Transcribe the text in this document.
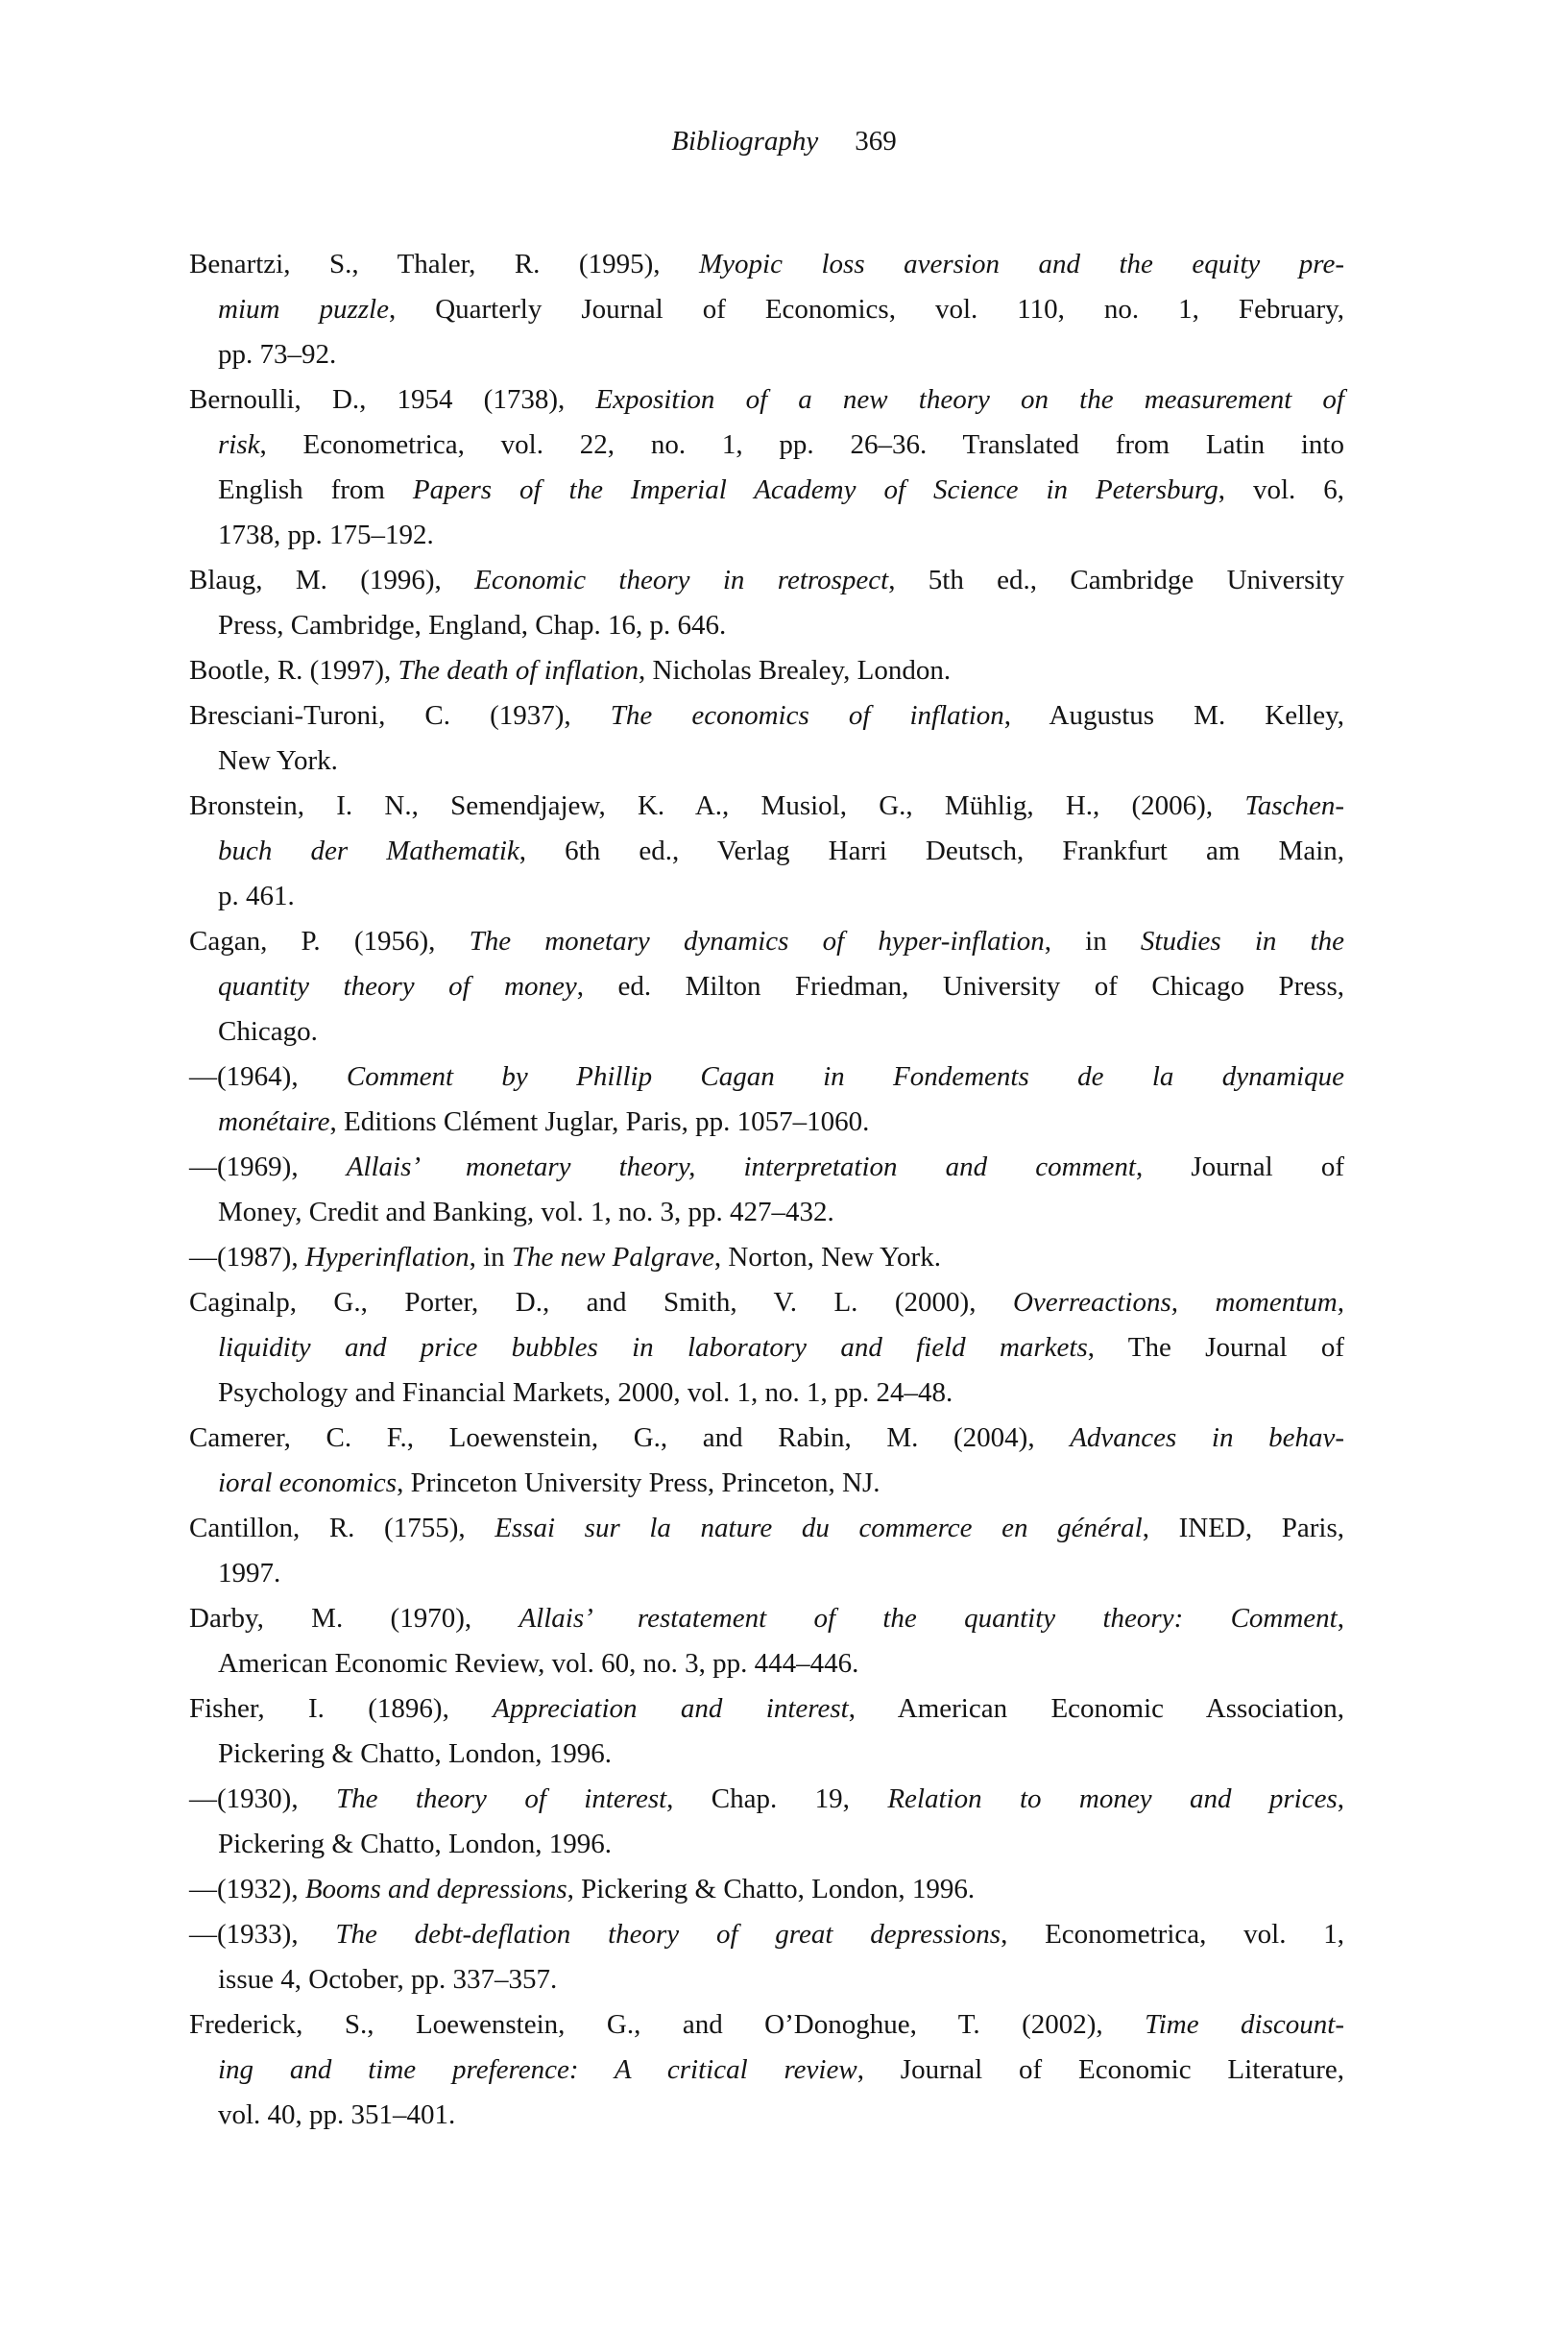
Bibliography 369
Benartzi, S., Thaler, R. (1995), Myopic loss aversion and the equity pre-
mium puzzle, Quarterly Journal of Economics, vol. 110, no. 1, February,
pp. 73–92.
Bernoulli, D., 1954 (1738), Exposition of a new theory on the measurement of
risk, Econometrica, vol. 22, no. 1, pp. 26–36. Translated from Latin into
English from Papers of the Imperial Academy of Science in Petersburg, vol. 6,
1738, pp. 175–192.
Blaug, M. (1996), Economic theory in retrospect, 5th ed., Cambridge University
Press, Cambridge, England, Chap. 16, p. 646.
Bootle, R. (1997), The death of inflation, Nicholas Brealey, London.
Bresciani-Turoni, C. (1937), The economics of inflation, Augustus M. Kelley,
New York.
Bronstein, I. N., Semendjajew, K. A., Musiol, G., Mühlig, H., (2006), Taschen-
buch der Mathematik, 6th ed., Verlag Harri Deutsch, Frankfurt am Main,
p. 461.
Cagan, P. (1956), The monetary dynamics of hyper-inflation, in Studies in the
quantity theory of money, ed. Milton Friedman, University of Chicago Press,
Chicago.
—(1964), Comment by Phillip Cagan in Fondements de la dynamique
monétaire, Editions Clément Juglar, Paris, pp. 1057–1060.
—(1969), Allais’ monetary theory, interpretation and comment, Journal of
Money, Credit and Banking, vol. 1, no. 3, pp. 427–432.
—(1987), Hyperinflation, in The new Palgrave, Norton, New York.
Caginalp, G., Porter, D., and Smith, V. L. (2000), Overreactions, momentum,
liquidity and price bubbles in laboratory and field markets, The Journal of
Psychology and Financial Markets, 2000, vol. 1, no. 1, pp. 24–48.
Camerer, C. F., Loewenstein, G., and Rabin, M. (2004), Advances in behav-
ioral economics, Princeton University Press, Princeton, NJ.
Cantillon, R. (1755), Essai sur la nature du commerce en général, INED, Paris,
1997.
Darby, M. (1970), Allais’ restatement of the quantity theory: Comment,
American Economic Review, vol. 60, no. 3, pp. 444–446.
Fisher, I. (1896), Appreciation and interest, American Economic Association,
Pickering & Chatto, London, 1996.
—(1930), The theory of interest, Chap. 19, Relation to money and prices,
Pickering & Chatto, London, 1996.
—(1932), Booms and depressions, Pickering & Chatto, London, 1996.
—(1933), The debt-deflation theory of great depressions, Econometrica, vol. 1,
issue 4, October, pp. 337–357.
Frederick, S., Loewenstein, G., and O’Donoghue, T. (2002), Time discount-
ing and time preference: A critical review, Journal of Economic Literature,
vol. 40, pp. 351–401.
